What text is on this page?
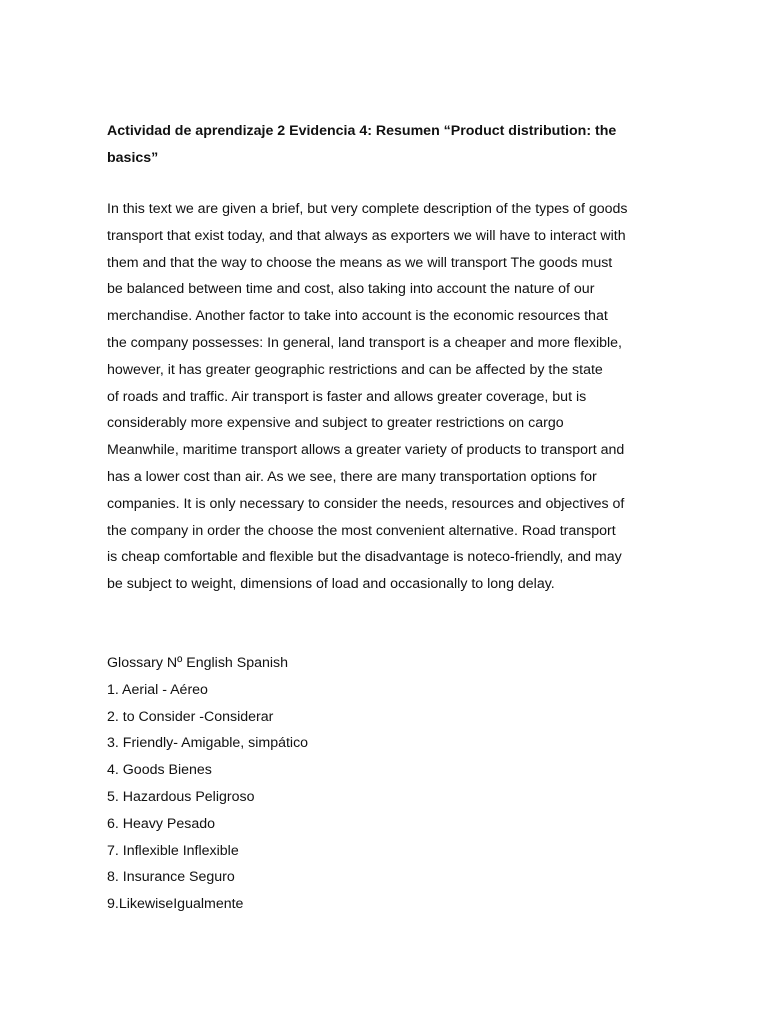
Actividad de aprendizaje 2 Evidencia 4: Resumen “Product distribution: the basics”

In this text we are given a brief, but very complete description of the types of goods
transport that exist today, and that always as exporters we will have to interact with
them and that the way to choose the means as we will transport The goods must
be balanced between time and cost, also taking into account the nature of our
merchandise. Another factor to take into account is the economic resources that
the company possesses: In general, land transport is a cheaper and more flexible,
however, it has greater geographic restrictions and can be affected by the state
of roads and traffic. Air transport is faster and allows greater coverage, but is
considerably more expensive and subject to greater restrictions on cargo
Meanwhile, maritime transport allows a greater variety of products to transport and
has a lower cost than air. As we see, there are many transportation options for
companies. It is only necessary to consider the needs, resources and objectives of
the company in order the choose the most convenient alternative. Road transport
is cheap comfortable and flexible but the disadvantage is noteco-friendly, and may
be subject to weight, dimensions of load and occasionally to long delay.
Glossary Nº English Spanish
1. Aerial - Aéreo
2. to Consider -Considerar
3. Friendly- Amigable, simpático
4. Goods Bienes
5. Hazardous Peligroso
6. Heavy Pesado
7. Inflexible Inflexible
8. Insurance Seguro
9.LikewiseIgualmente
